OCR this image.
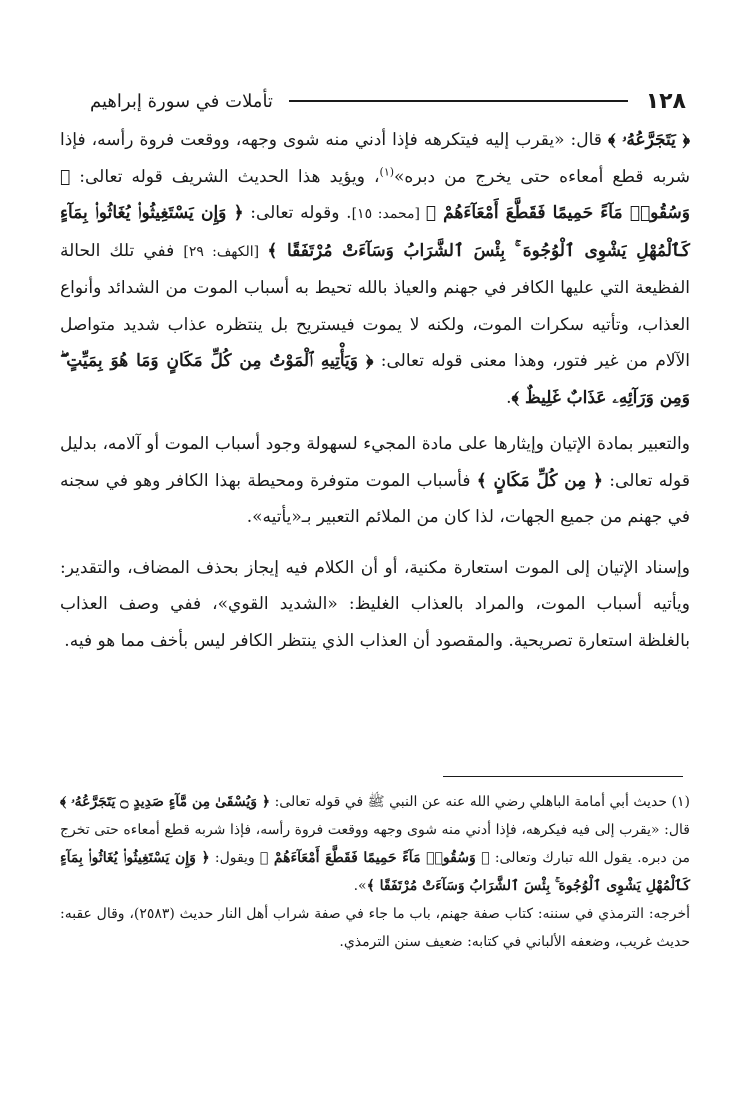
١٢٨
تأملات في سورة إبراهيم

﴿ يَتَجَرَّعُهُۥ ﴾ قال: «يقرب إليه فيتكرهه فإذا أدني منه شوى وجهه، ووقعت فروة رأسه، فإذا شربه قطع أمعاءه حتى يخرج من دبره»$^{(١)}$، ويؤيد هذا الحديث الشريف قوله تعالى: ﴿ وَسُقُوا۟ مَآءً حَمِيمًا فَقَطَّعَ أَمْعَآءَهُمْ ﴾ [محمد: ١٥]. وقوله تعالى: ﴿ وَإِن يَسْتَغِيثُوا۟ يُغَاثُوا۟ بِمَآءٍ كَٱلْمُهْلِ يَشْوِى ٱلْوُجُوهَ ۚ بِئْسَ ٱلشَّرَابُ وَسَآءَتْ مُرْتَفَقًا ﴾ [الكهف: ٢٩] ففي تلك الحالة الفظيعة التي عليها الكافر في جهنم والعياذ بالله تحيط به أسباب الموت من الشدائد وأنواع العذاب، وتأتيه سكرات الموت، ولكنه لا يموت فيستريح بل ينتظره عذاب شديد متواصل الآلام من غير فتور، وهذا معنى قوله تعالى: ﴿ وَيَأْتِيهِ ٱلْمَوْتُ مِن كُلِّ مَكَانٍ وَمَا هُوَ بِمَيِّتٍ ۖ وَمِن وَرَآئِهِۦ عَذَابٌ غَلِيظٌ ﴾.

والتعبير بمادة الإتيان وإيثارها على مادة المجيء لسهولة وجود أسباب الموت أو آلامه، بدليل قوله تعالى: ﴿ مِن كُلِّ مَكَانٍ ﴾ فأسباب الموت متوفرة ومحيطة بهذا الكافر وهو في سجنه في جهنم من جميع الجهات، لذا كان من الملائم التعبير بـ«يأتيه».

وإسناد الإتيان إلى الموت استعارة مكنية، أو أن الكلام فيه إيجاز بحذف المضاف، والتقدير: ويأتيه أسباب الموت، والمراد بالعذاب الغليظ: «الشديد القوي»، ففي وصف العذاب بالغلظة استعارة تصريحية. والمقصود أن العذاب الذي ينتظر الكافر ليس بأخف مما هو فيه.

(١) حديث أبي أمامة الباهلي رضي الله عنه عن النبي ﷺ في قوله تعالى: ﴿ وَيُسْقَىٰ مِن مَّآءٍ صَدِيدٍ ۝ يَتَجَرَّعُهُۥ ﴾ قال: «يقرب إلى فيه فيكرهه، فإذا أدني منه شوى وجهه ووقعت فروة رأسه، فإذا شربه قطع أمعاءه حتى تخرج من دبره. يقول الله تبارك وتعالى: ﴿ وَسُقُوا۟ مَآءً حَمِيمًا فَقَطَّعَ أَمْعَآءَهُمْ ﴾ ويقول: ﴿ وَإِن يَسْتَغِيثُوا۟ يُغَاثُوا۟ بِمَآءٍ كَٱلْمُهْلِ يَشْوِى ٱلْوُجُوهَ ۚ بِئْسَ ٱلشَّرَابُ وَسَآءَتْ مُرْتَفَقًا ﴾».

أخرجه: الترمذي في سننه: كتاب صفة جهنم، باب ما جاء في صفة شراب أهل النار حديث (٢٥٨٣)، وقال عقبه: حديث غريب، وضعفه الألباني في كتابه: ضعيف سنن الترمذي.
